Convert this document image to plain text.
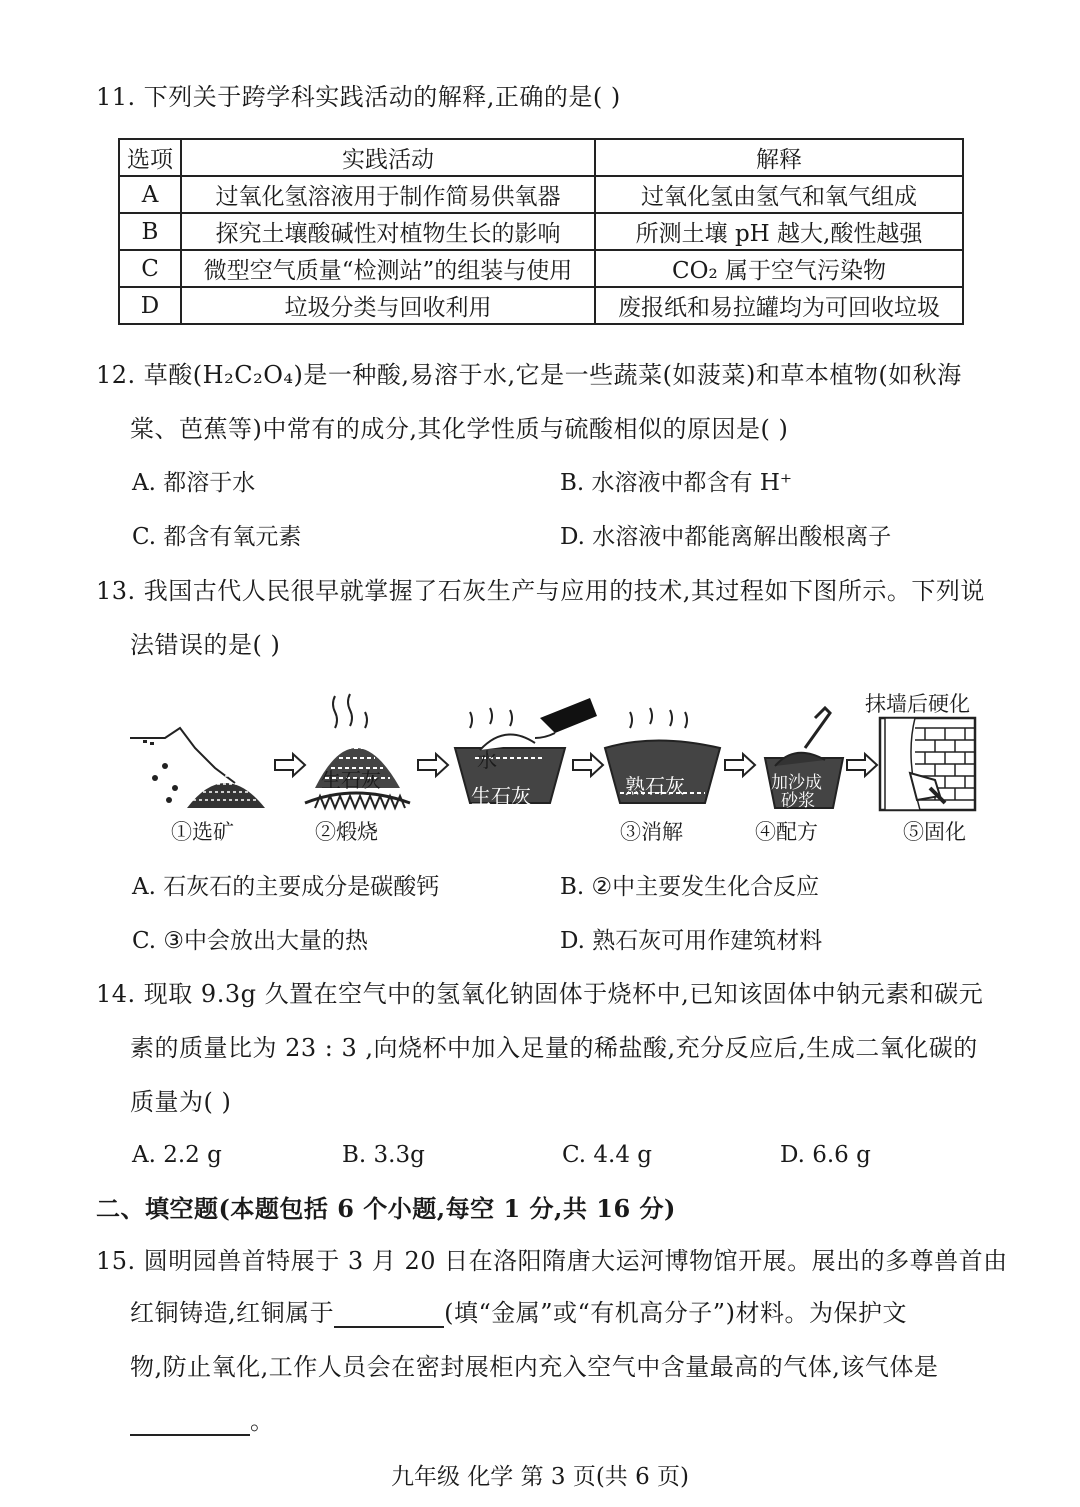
11. 下列关于跨学科实践活动的解释,正确的是( )
选项	实践活动	解释
A	过氧化氢溶液用于制作简易供氧器	过氧化氢由氢气和氧气组成
B	探究土壤酸碱性对植物生长的影响	所测土壤 pH 越大,酸性越强
C	微型空气质量“检测站”的组装与使用	CO₂ 属于空气污染物
D	垃圾分类与回收利用	废报纸和易拉罐均为可回收垃圾
12. 草酸(H₂C₂O₄)是一种酸,易溶于水,它是一些蔬菜(如菠菜)和草本植物(如秋海
棠、芭蕉等)中常有的成分,其化学性质与硫酸相似的原因是( )
A. 都溶于水	B. 水溶液中都含有 H⁺
C. 都含有氧元素	D. 水溶液中都能离解出酸根离子
13. 我国古代人民很早就掌握了石灰生产与应用的技术,其过程如下图所示。下列说
法错误的是( )
生石灰
水
生石灰	熟石灰	加沙成
砂浆
抹墙后硬化
①选矿	②煅烧	③消解	④配方	⑤固化
A. 石灰石的主要成分是碳酸钙	B. ②中主要发生化合反应
C. ③中会放出大量的热	D. 熟石灰可用作建筑材料
14. 现取 9.3g 久置在空气中的氢氧化钠固体于烧杯中,已知该固体中钠元素和碳元
素的质量比为 23 : 3 ,向烧杯中加入足量的稀盐酸,充分反应后,生成二氧化碳的
质量为( )
A. 2.2 g	B. 3.3g	C. 4.4 g	D. 6.6 g
二、填空题(本题包括 6 个小题,每空 1 分,共 16 分)
15. 圆明园兽首特展于 3 月 20 日在洛阳隋唐大运河博物馆开展。展出的多尊兽首由
红铜铸造,红铜属于	(填“金属”或“有机高分子”)材料。为保护文
物,防止氧化,工作人员会在密封展柜内充入空气中含量最高的气体,该气体是
。
九年级 化学 第 3 页(共 6 页)
